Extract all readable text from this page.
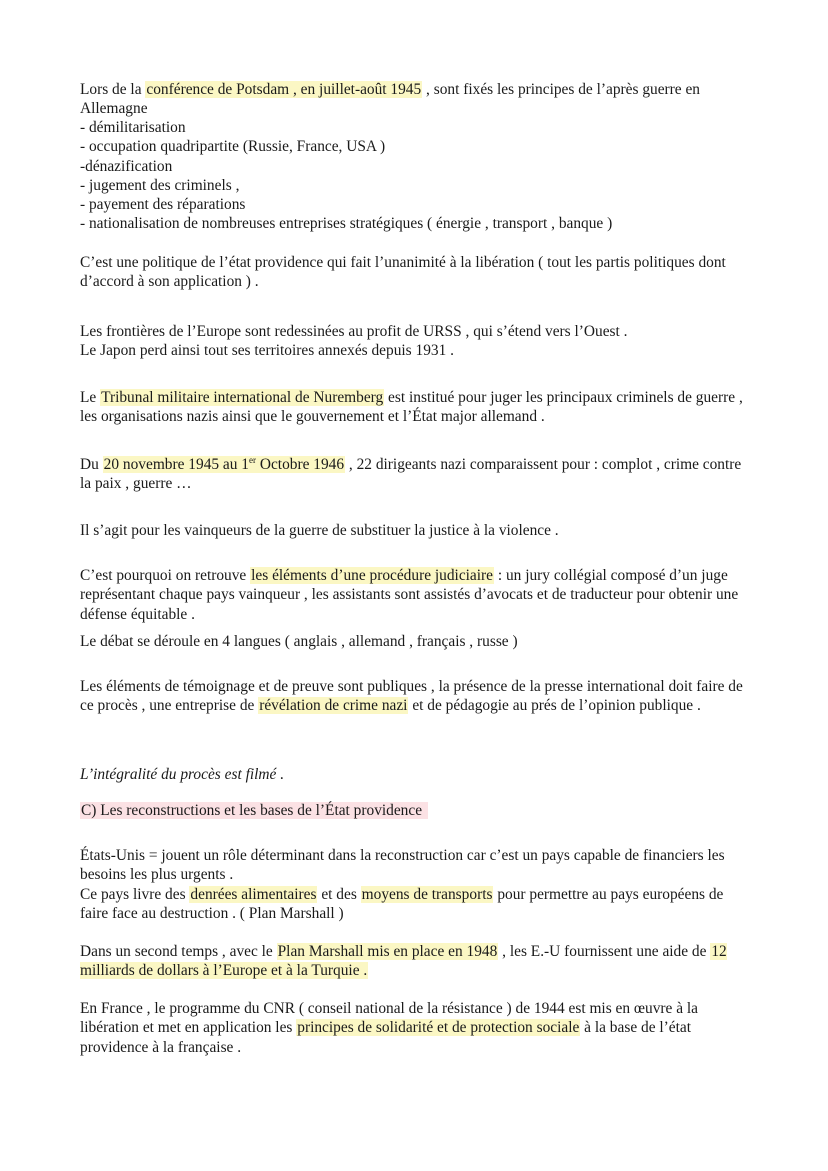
Lors de la conférence de Potsdam , en juillet-août 1945 , sont fixés les principes de l’après guerre en Allemagne

- démilitarisation
- occupation quadripartite (Russie, France, USA )
-dénazification
- jugement des criminels ,
- payement des réparations
- nationalisation de nombreuses entreprises stratégiques ( énergie , transport , banque )

C’est une politique de l’état providence qui fait l’unanimité à la libération ( tout les partis politiques dont d’accord à son application ) .

Les frontières de l’Europe sont redessinées au profit de URSS , qui s’étend vers l’Ouest .
Le Japon perd ainsi tout ses territoires annexés depuis 1931 .

Le Tribunal militaire international de Nuremberg est institué pour juger les principaux criminels de guerre , les organisations nazis ainsi que le gouvernement et l’État major allemand .

Du 20 novembre 1945 au 1er Octobre 1946 , 22 dirigeants nazi comparaissent pour : complot , crime contre la paix , guerre …

Il s’agit pour les vainqueurs de la guerre de substituer la justice à la violence .

C’est pourquoi on retrouve les éléments d’une procédure judiciaire : un jury collégial composé d’un juge représentant chaque pays vainqueur , les assistants sont assistés d’avocats et de traducteur pour obtenir une défense équitable .

Le débat se déroule en 4 langues ( anglais , allemand , français , russe )

Les éléments de témoignage et de preuve sont publiques , la présence de la presse international doit faire de ce procès , une entreprise de révélation de crime nazi et de pédagogie au prés de l’opinion publique .

L’intégralité du procès est filmé .

C) Les reconstructions et les bases de l’État providence

États-Unis = jouent un rôle déterminant dans la reconstruction car c’est un pays capable de financiers les besoins les plus urgents .
Ce pays livre des denrées alimentaires et des moyens de transports pour permettre au pays européens de faire face au destruction . ( Plan Marshall )

Dans un second temps , avec le Plan Marshall mis en place en 1948 , les E.-U fournissent une aide de 12 milliards de dollars à l’Europe et à la Turquie .

En France , le programme du CNR ( conseil national de la résistance ) de 1944 est mis en œuvre à la libération et met en application les principes de solidarité et de protection sociale à la base de l’état providence à la française .
